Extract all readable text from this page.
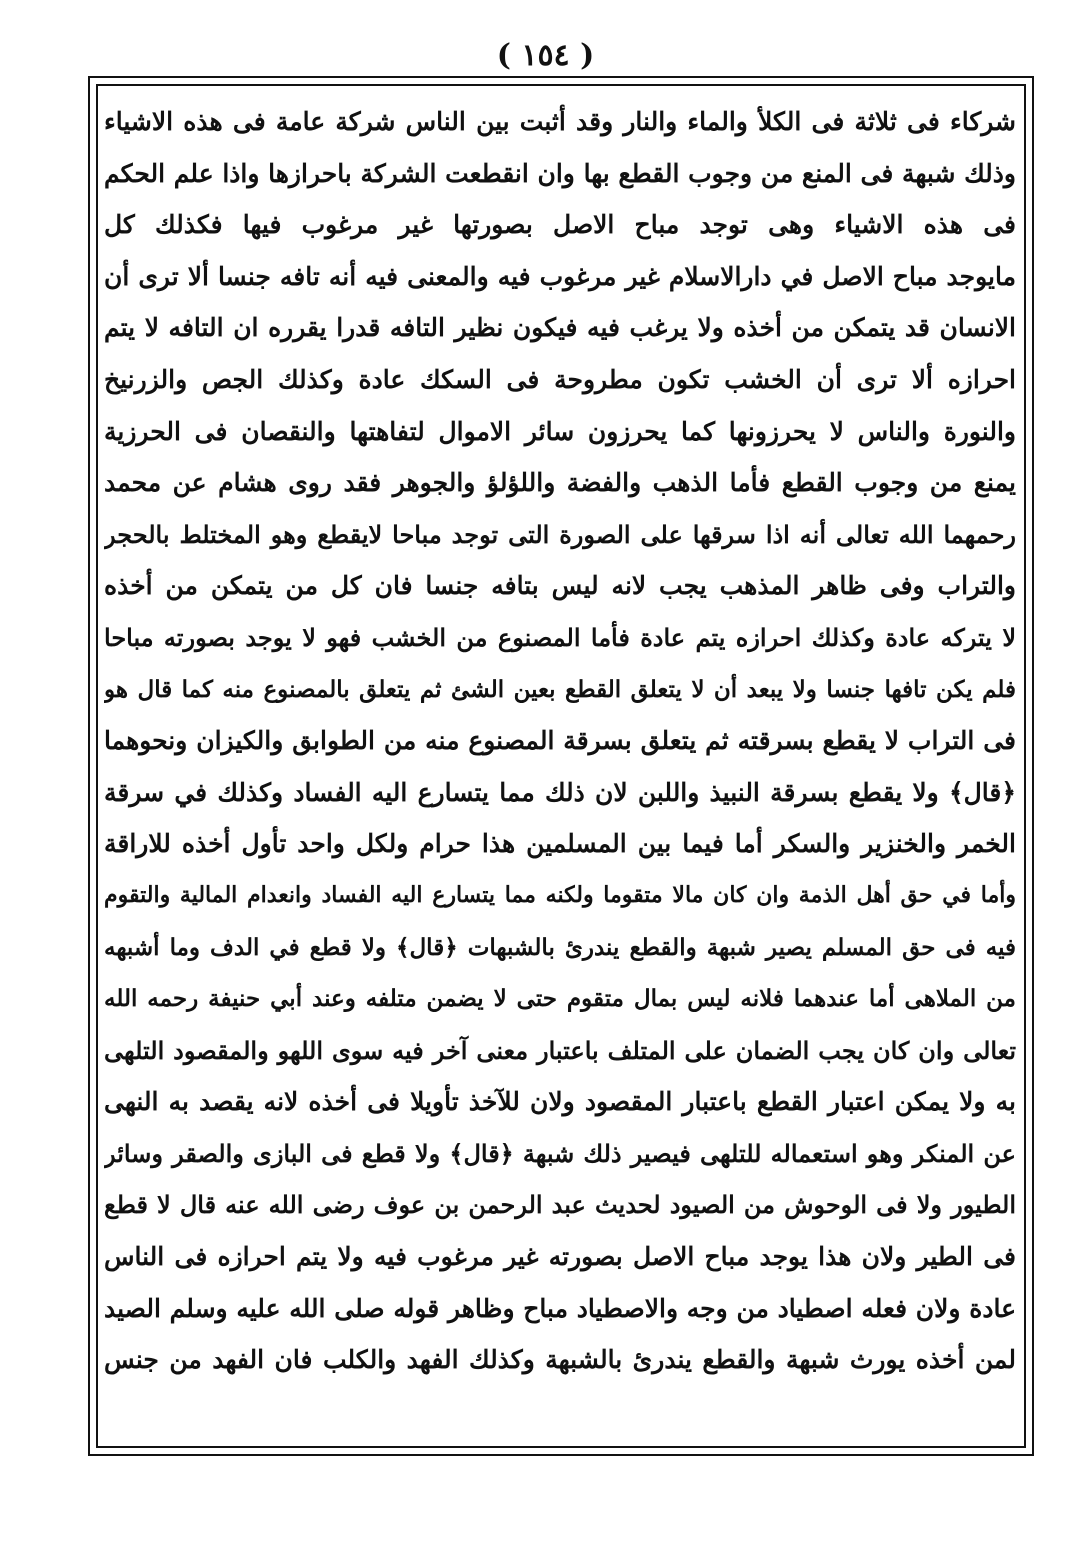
( ١٥٤ )
شركاء فى ثلاثة فى الكلأ والماء والنار وقد أثبت بين الناس شركة عامة فى هذه الاشياء
وذلك شبهة فى المنع من وجوب القطع بها وان انقطعت الشركة باحرازها واذا علم الحكم
فى هذه الاشياء وهى توجد مباح الاصل بصورتها غير مرغوب فيها فكذلك كل
مايوجد مباح الاصل في دارالاسلام غير مرغوب فيه والمعنى فيه أنه تافه جنسا ألا ترى أن
الانسان قد يتمكن من أخذه ولا يرغب فيه فيكون نظير التافه قدرا يقرره ان التافه لا يتم
احرازه ألا ترى أن الخشب تكون مطروحة فى السكك عادة وكذلك الجص والزرنيخ
والنورة والناس لا يحرزونها كما يحرزون سائر الاموال لتفاهتها والنقصان فى الحرزية
يمنع من وجوب القطع فأما الذهب والفضة واللؤلؤ والجوهر فقد روى هشام عن محمد
رحمهما الله تعالى أنه اذا سرقها على الصورة التى توجد مباحا لايقطع وهو المختلط بالحجر
والتراب وفى ظاهر المذهب يجب لانه ليس بتافه جنسا فان كل من يتمكن من أخذه
لا يتركه عادة وكذلك احرازه يتم عادة فأما المصنوع من الخشب فهو لا يوجد بصورته مباحا
فلم يكن تافها جنسا ولا يبعد أن لا يتعلق القطع بعين الشئ ثم يتعلق بالمصنوع منه كما قال هو
فى التراب لا يقطع بسرقته ثم يتعلق بسرقة المصنوع منه من الطوابق والكيزان ونحوهما
﴿قال﴾ ولا يقطع بسرقة النبيذ واللبن لان ذلك مما يتسارع اليه الفساد وكذلك في سرقة
الخمر والخنزير والسكر أما فيما بين المسلمين هذا حرام ولكل واحد تأول أخذه للاراقة
وأما في حق أهل الذمة وان كان مالا متقوما ولكنه مما يتسارع اليه الفساد وانعدام المالية والتقوم
فيه فى حق المسلم يصير شبهة والقطع يندرئ بالشبهات ﴿قال﴾ ولا قطع في الدف وما أشبهه
من الملاهى أما عندهما فلانه ليس بمال متقوم حتى لا يضمن متلفه وعند أبي حنيفة رحمه الله
تعالى وان كان يجب الضمان على المتلف باعتبار معنى آخر فيه سوى اللهو والمقصود التلهى
به ولا يمكن اعتبار القطع باعتبار المقصود ولان للآخذ تأويلا فى أخذه لانه يقصد به النهى
عن المنكر وهو استعماله للتلهى فيصير ذلك شبهة ﴿قال﴾ ولا قطع فى البازى والصقر وسائر
الطيور ولا فى الوحوش من الصيود لحديث عبد الرحمن بن عوف رضى الله عنه قال لا قطع
فى الطير ولان هذا يوجد مباح الاصل بصورته غير مرغوب فيه ولا يتم احرازه فى الناس
عادة ولان فعله اصطياد من وجه والاصطياد مباح وظاهر قوله صلى الله عليه وسلم الصيد
لمن أخذه يورث شبهة والقطع يندرئ بالشبهة وكذلك الفهد والكلب فان الفهد من جنس
